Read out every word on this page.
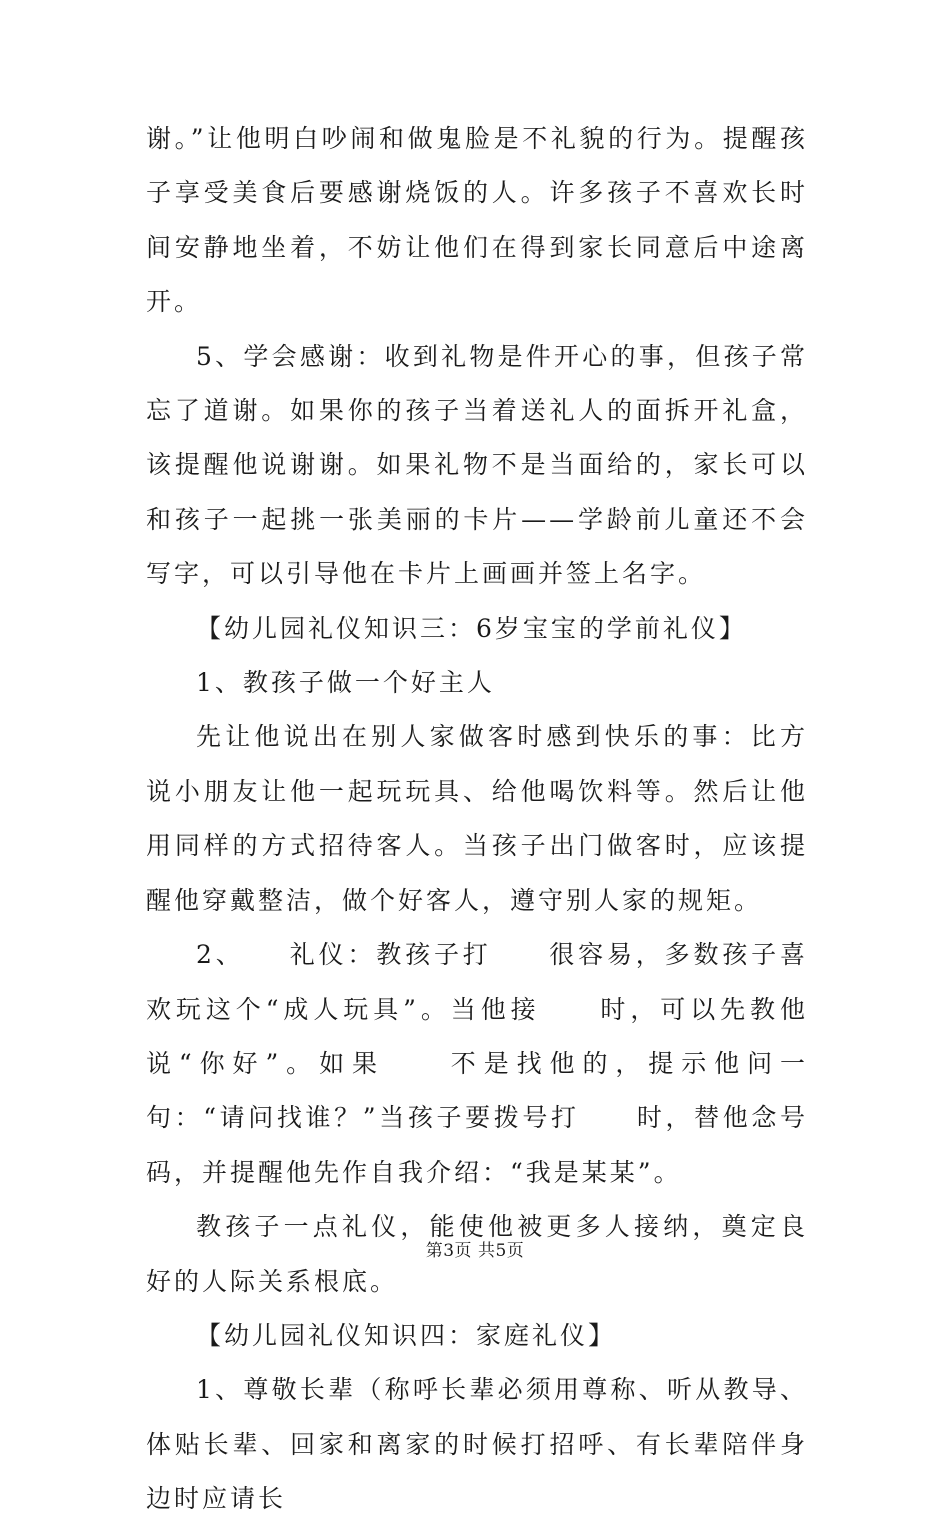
谢。”让他明白吵闹和做鬼脸是不礼貌的行为。提醒孩子享受美食后要感谢烧饭的人。许多孩子不喜欢长时间安静地坐着，不妨让他们在得到家长同意后中途离开。

5、学会感谢：收到礼物是件开心的事，但孩子常忘了道谢。如果你的孩子当着送礼人的面拆开礼盒，该提醒他说谢谢。如果礼物不是当面给的，家长可以和孩子一起挑一张美丽的卡片——学龄前儿童还不会写字，可以引导他在卡片上画画并签上名字。

【幼儿园礼仪知识三：6岁宝宝的学前礼仪】

1、教孩子做一个好主人

先让他说出在别人家做客时感到快乐的事：比方说小朋友让他一起玩玩具、给他喝饮料等。然后让他用同样的方式招待客人。当孩子出门做客时，应该提醒他穿戴整洁，做个好客人，遵守别人家的规矩。

2、　　礼仪：教孩子打　　很容易，多数孩子喜欢玩这个“成人玩具”。当他接　　时，可以先教他说“你好”。如果　　不是找他的，提示他问一句：“请问找谁？”当孩子要拨号打　　时，替他念号码，并提醒他先作自我介绍：“我是某某”。

教孩子一点礼仪，能使他被更多人接纳，奠定良好的人际关系根底。

【幼儿园礼仪知识四：家庭礼仪】

1、尊敬长辈（称呼长辈必须用尊称、听从教导、体贴长辈、回家和离家的时候打招呼、有长辈陪伴身边时应请长

第3页 共5页
